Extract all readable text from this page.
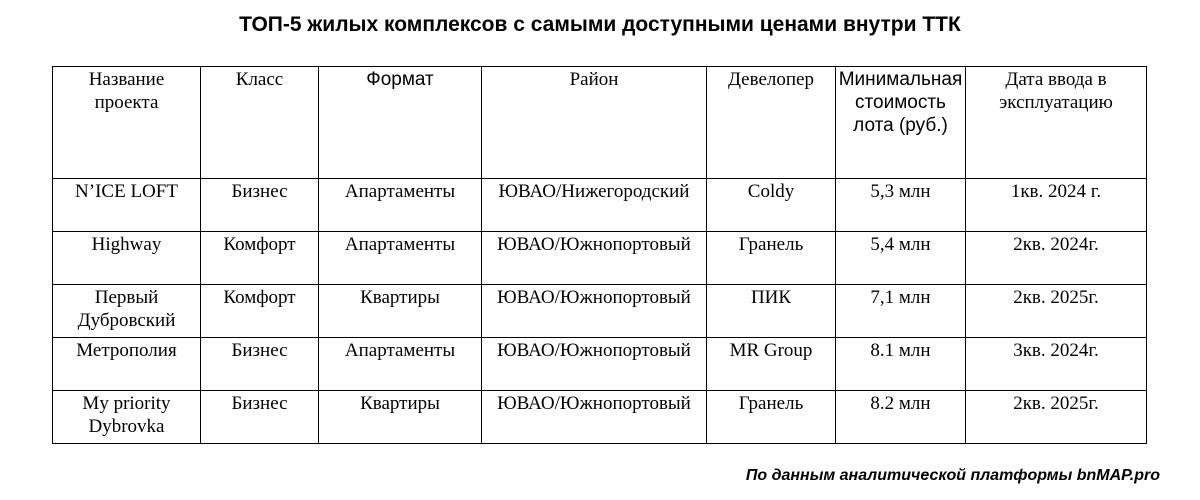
ТОП-5 жилых комплексов с самыми доступными ценами внутри ТТК
Название проекта	Класс	Формат	Район	Девелопер	Минимальная стоимость лота (руб.)	Дата ввода в эксплуатацию
N’ICE LOFT	Бизнес	Апартаменты	ЮВАО/Нижегородский	Coldy	5,3 млн	1кв. 2024 г.
Highway	Комфорт	Апартаменты	ЮВАО/Южнопортовый	Гранель	5,4 млн	2кв. 2024г.
Первый Дубровский	Комфорт	Квартиры	ЮВАО/Южнопортовый	ПИК	7,1 млн	2кв. 2025г.
Метрополия	Бизнес	Апартаменты	ЮВАО/Южнопортовый	MR Group	8.1 млн	3кв. 2024г.
My priority Dybrovka	Бизнес	Квартиры	ЮВАО/Южнопортовый	Гранель	8.2 млн	2кв. 2025г.
По данным аналитической платформы bnMAP.pro
